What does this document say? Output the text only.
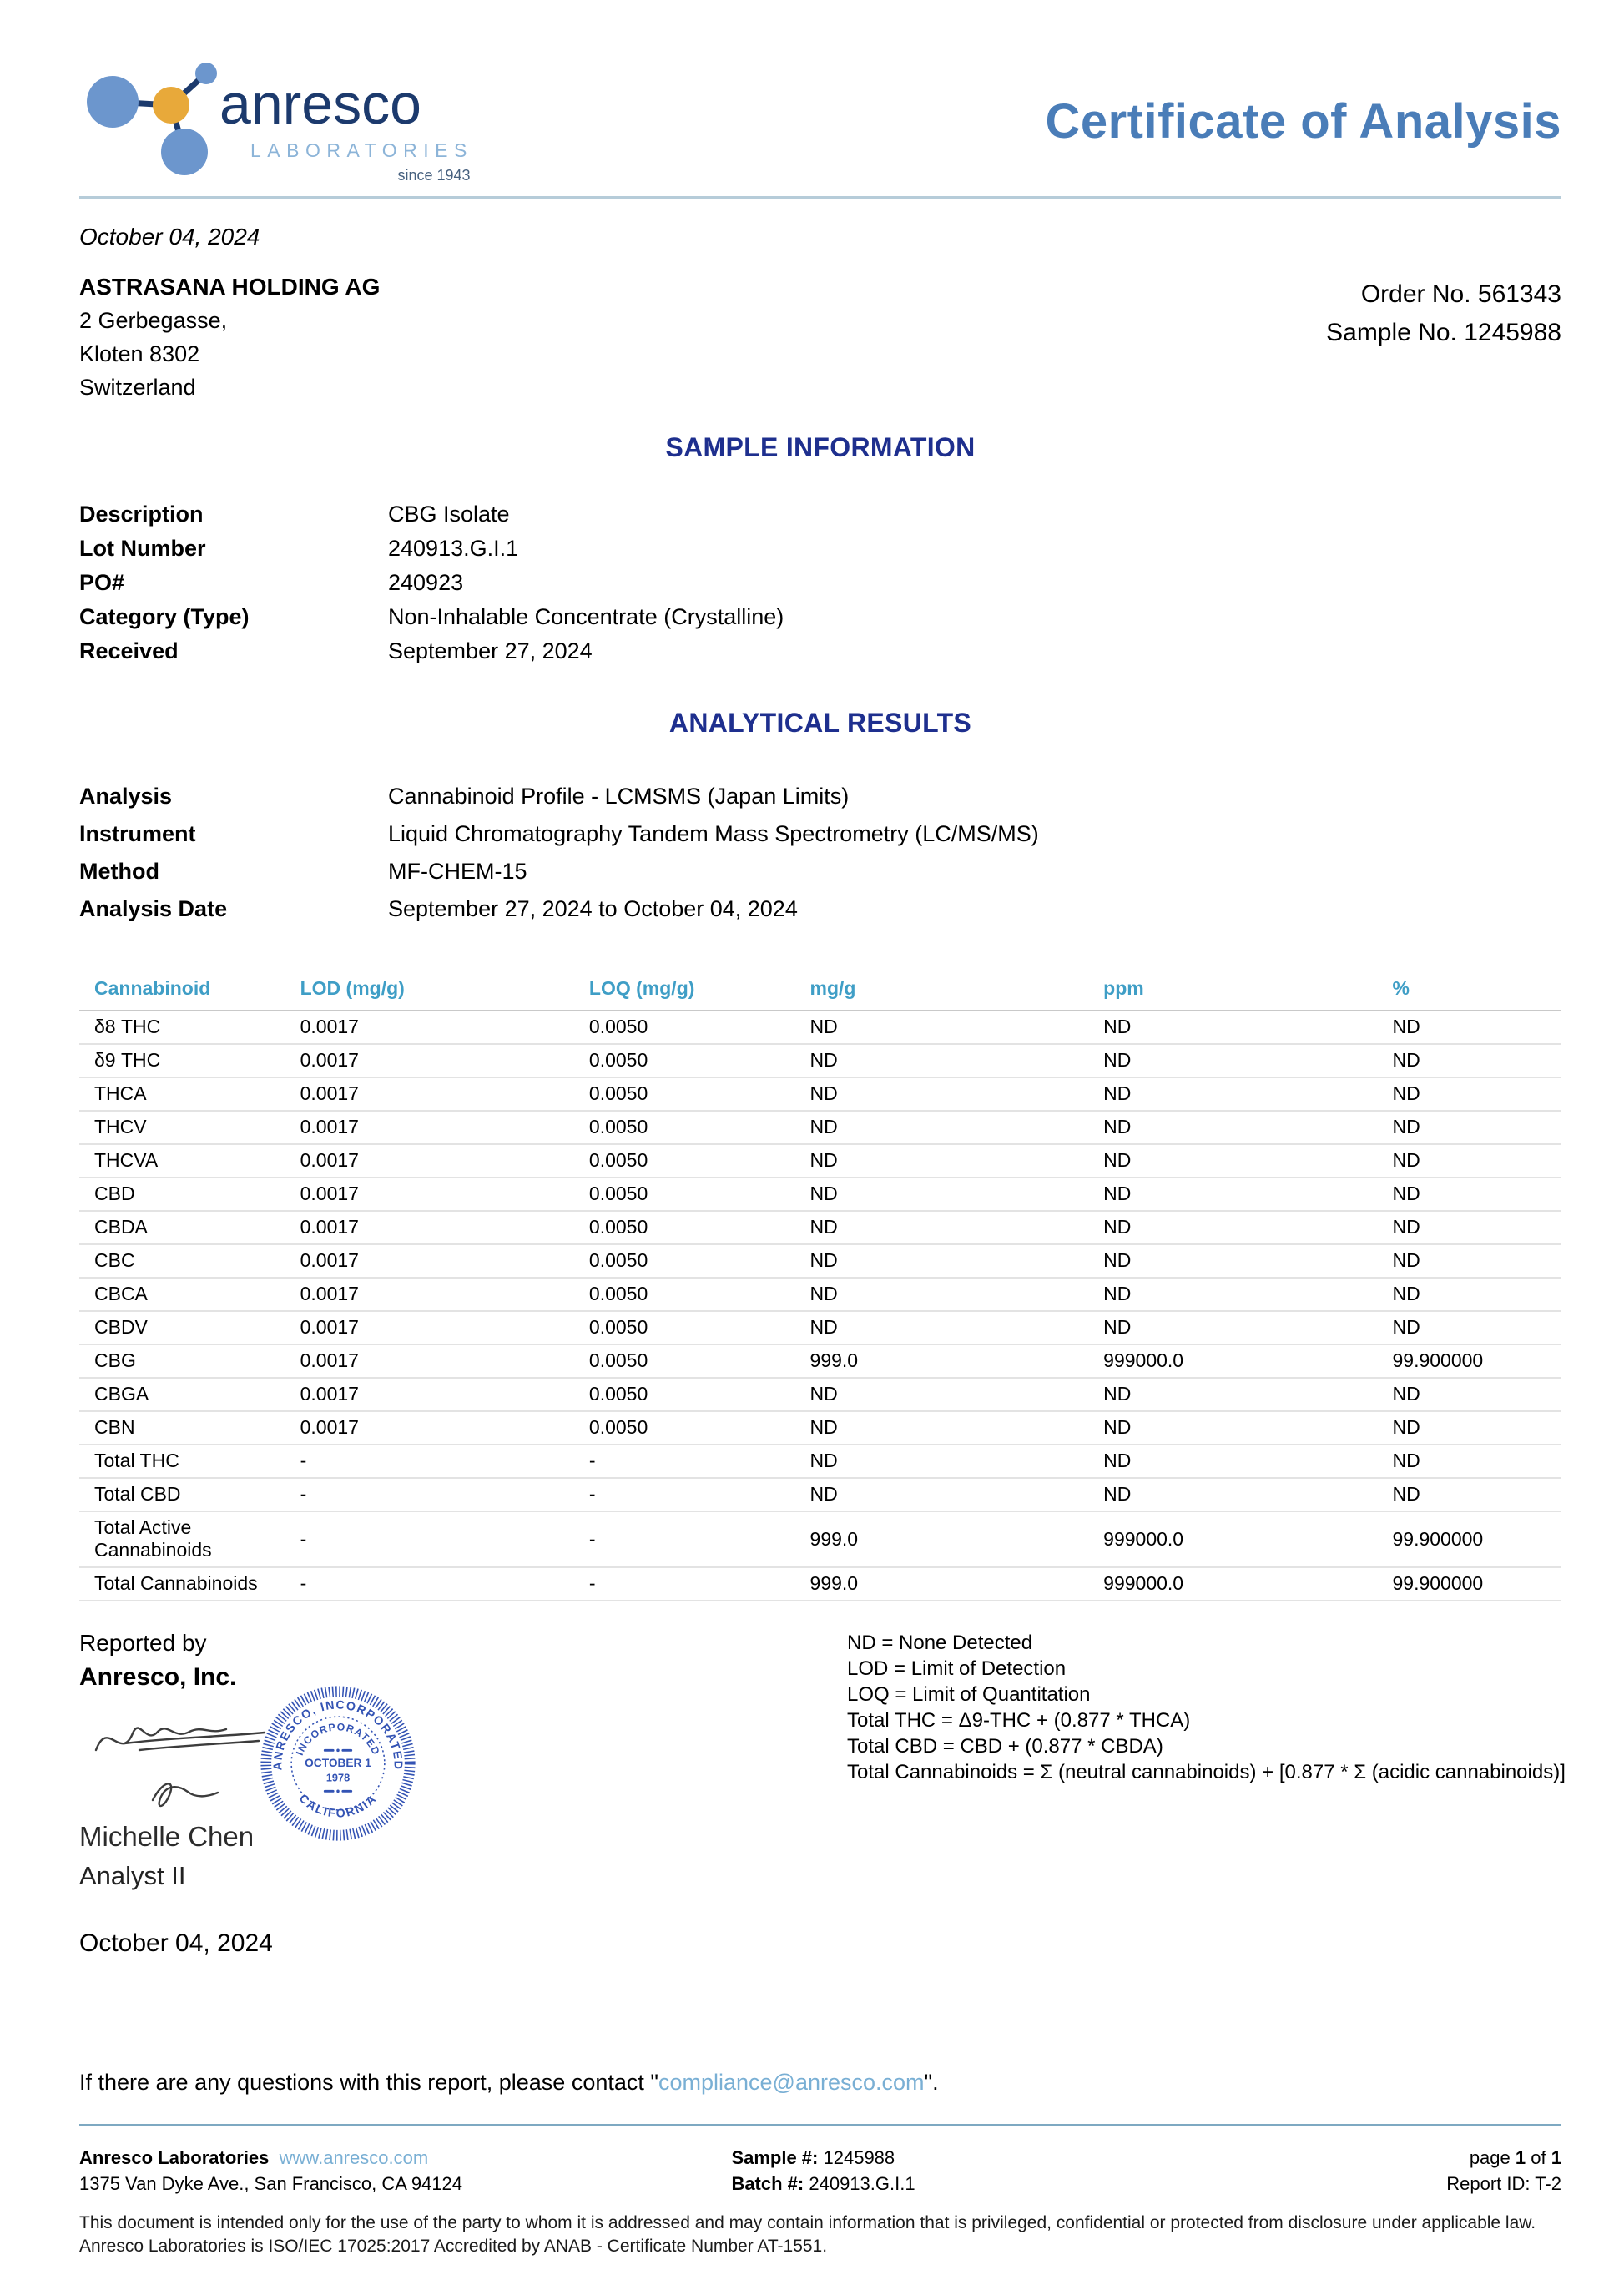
anresco
LABORATORIES
since 1943
Certificate of Analysis
October 04, 2024
ASTRASANA HOLDING AG
2 Gerbegasse,
Kloten 8302
Switzerland
Order No. 561343
Sample No. 1245988
SAMPLE INFORMATION
Description	CBG Isolate
Lot Number	240913.G.I.1
PO#	240923
Category (Type)	Non-Inhalable Concentrate (Crystalline)
Received	September 27, 2024
ANALYTICAL RESULTS
Analysis	Cannabinoid Profile - LCMSMS (Japan Limits)
Instrument	Liquid Chromatography Tandem Mass Spectrometry (LC/MS/MS)
Method	MF-CHEM-15
Analysis Date	September 27, 2024 to October 04, 2024
Cannabinoid	LOD (mg/g)	LOQ (mg/g)	mg/g	ppm	%
δ8 THC	0.0017	0.0050	ND	ND	ND
δ9 THC	0.0017	0.0050	ND	ND	ND
THCA	0.0017	0.0050	ND	ND	ND
THCV	0.0017	0.0050	ND	ND	ND
THCVA	0.0017	0.0050	ND	ND	ND
CBD	0.0017	0.0050	ND	ND	ND
CBDA	0.0017	0.0050	ND	ND	ND
CBC	0.0017	0.0050	ND	ND	ND
CBCA	0.0017	0.0050	ND	ND	ND
CBDV	0.0017	0.0050	ND	ND	ND
CBG	0.0017	0.0050	999.0	999000.0	99.900000
CBGA	0.0017	0.0050	ND	ND	ND
CBN	0.0017	0.0050	ND	ND	ND
Total THC	-	-	ND	ND	ND
Total CBD	-	-	ND	ND	ND
Total Active Cannabinoids	-	-	999.0	999000.0	99.900000
Total Cannabinoids	-	-	999.0	999000.0	99.900000
Reported by
Anresco, Inc.
Michelle Chen
Analyst II
October 04, 2024
ANRESCO, INCORPORATED
INCORPORATED
OCTOBER 1
1978
CALIFORNIA
ND = None Detected
LOD = Limit of Detection
LOQ = Limit of Quantitation
Total THC = Δ9-THC + (0.877 * THCA)
Total CBD = CBD + (0.877 * CBDA)
Total Cannabinoids = Σ (neutral cannabinoids) + [0.877 * Σ (acidic cannabinoids)]
If there are any questions with this report, please contact "compliance@anresco.com".
Anresco Laboratories www.anresco.com
1375 Van Dyke Ave., San Francisco, CA 94124
Sample #: 1245988
Batch #: 240913.G.I.1
page 1 of 1
Report ID: T-2
This document is intended only for the use of the party to whom it is addressed and may contain information that is privileged, confidential or protected from disclosure under applicable law. Anresco Laboratories is ISO/IEC 17025:2017 Accredited by ANAB - Certificate Number AT-1551.
